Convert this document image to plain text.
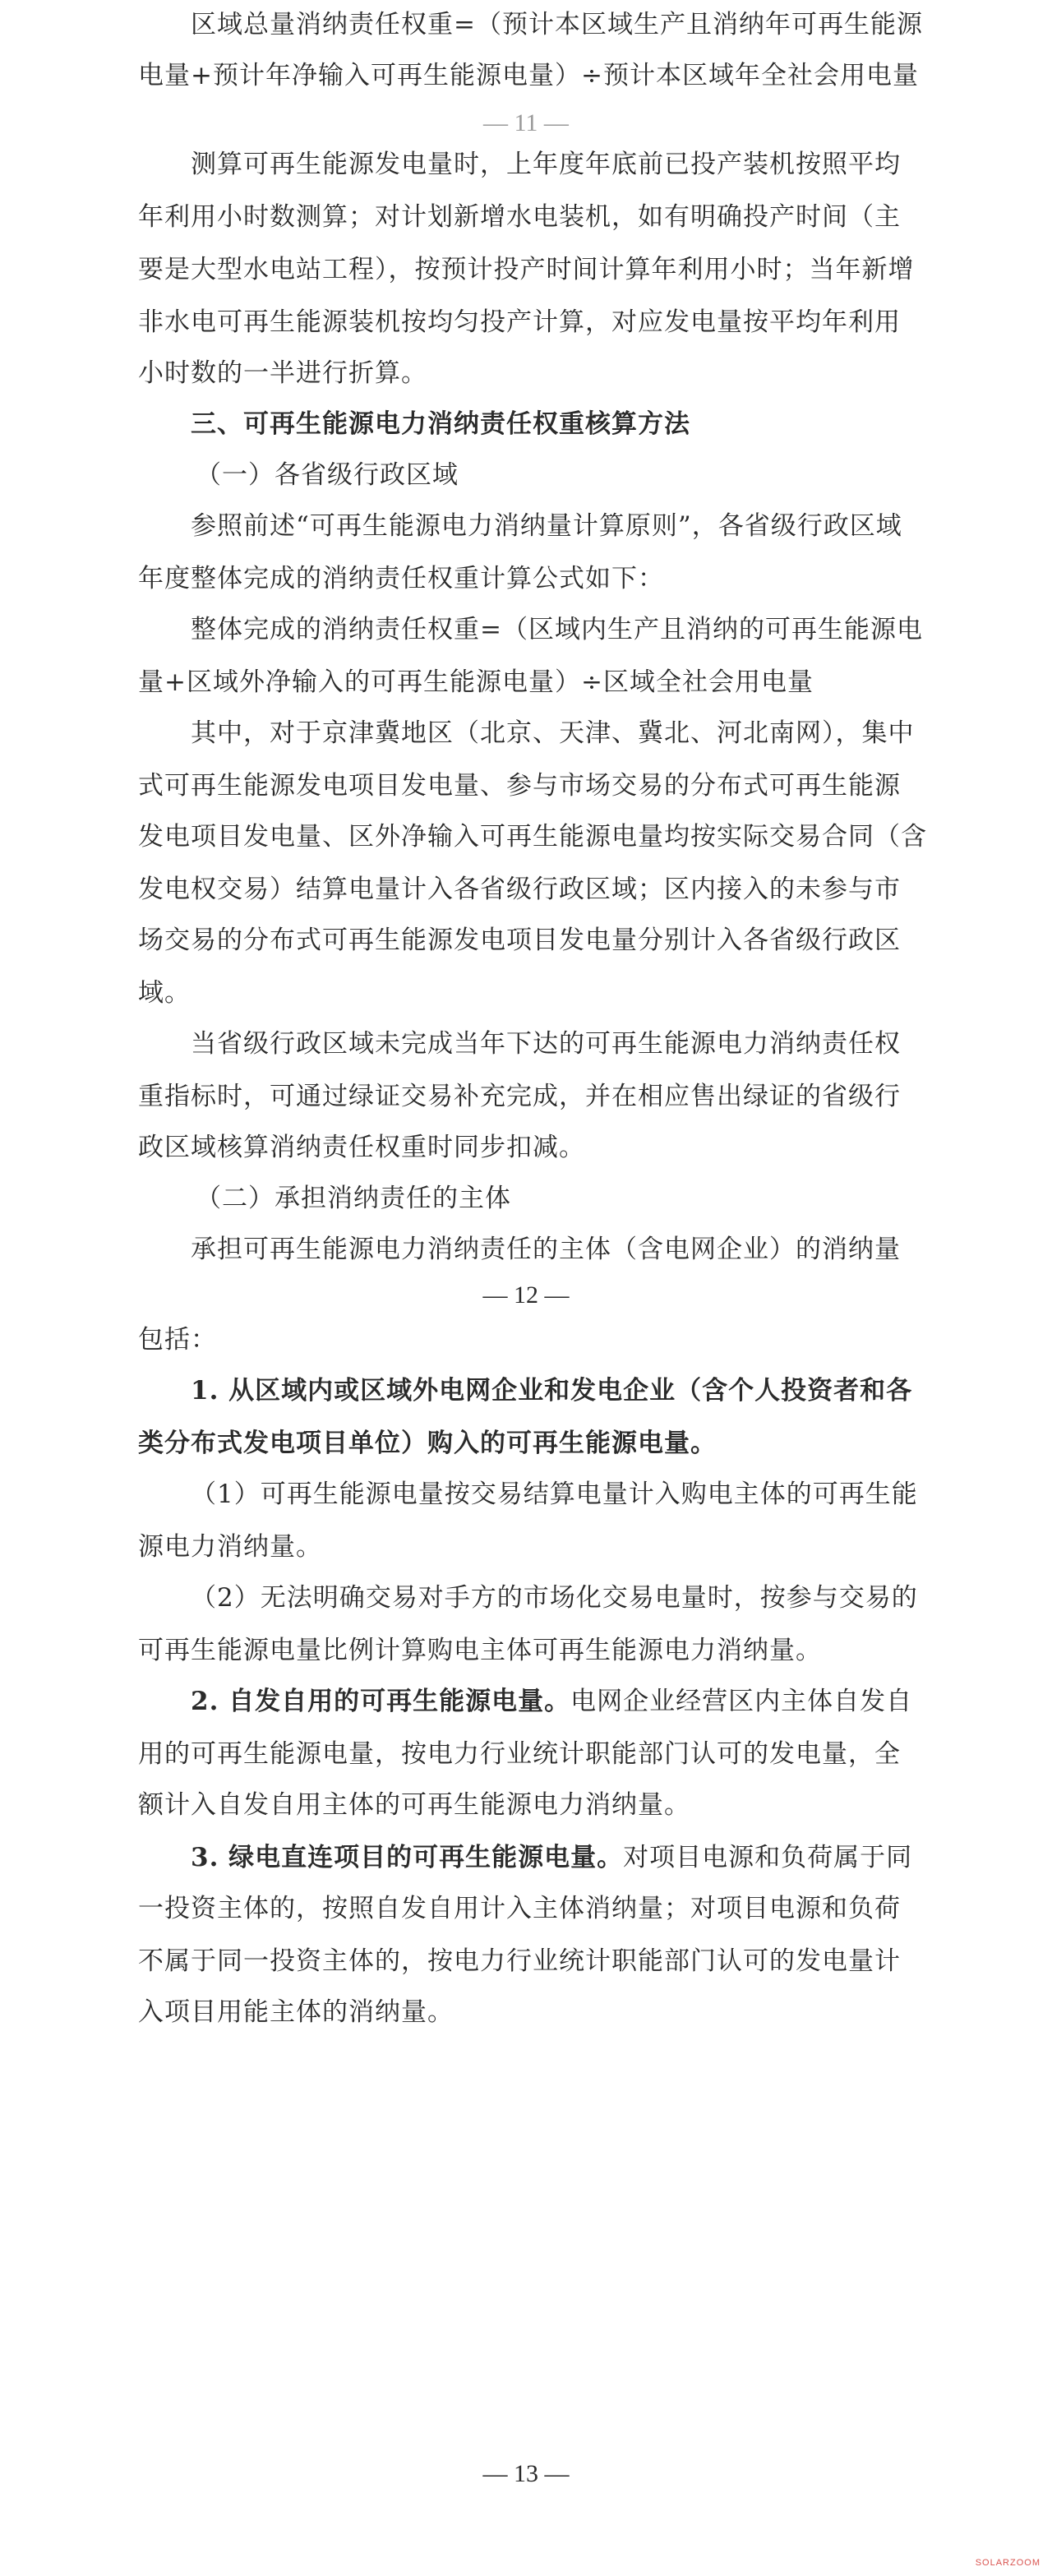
区域总量消纳责任权重=（预计本区域生产且消纳年可再生能源
电量+预计年净输入可再生能源电量）÷预计本区域年全社会用电量
— 11 —
测算可再生能源发电量时，上年度年底前已投产装机按照平均
年利用小时数测算；对计划新增水电装机，如有明确投产时间（主
要是大型水电站工程），按预计投产时间计算年利用小时；当年新增
非水电可再生能源装机按均匀投产计算，对应发电量按平均年利用
小时数的一半进行折算。
三、可再生能源电力消纳责任权重核算方法
（一）各省级行政区域
参照前述“可再生能源电力消纳量计算原则”，各省级行政区域
年度整体完成的消纳责任权重计算公式如下：
整体完成的消纳责任权重=（区域内生产且消纳的可再生能源电
量+区域外净输入的可再生能源电量）÷区域全社会用电量
其中，对于京津冀地区（北京、天津、冀北、河北南网），集中
式可再生能源发电项目发电量、参与市场交易的分布式可再生能源
发电项目发电量、区外净输入可再生能源电量均按实际交易合同（含
发电权交易）结算电量计入各省级行政区域；区内接入的未参与市
场交易的分布式可再生能源发电项目发电量分别计入各省级行政区
域。
当省级行政区域未完成当年下达的可再生能源电力消纳责任权
重指标时，可通过绿证交易补充完成，并在相应售出绿证的省级行
政区域核算消纳责任权重时同步扣减。
（二）承担消纳责任的主体
承担可再生能源电力消纳责任的主体（含电网企业）的消纳量
— 12 —
包括：
1. 从区域内或区域外电网企业和发电企业（含个人投资者和各
类分布式发电项目单位）购入的可再生能源电量。
（1）可再生能源电量按交易结算电量计入购电主体的可再生能
源电力消纳量。
（2）无法明确交易对手方的市场化交易电量时，按参与交易的
可再生能源电量比例计算购电主体可再生能源电力消纳量。
2. 自发自用的可再生能源电量。电网企业经营区内主体自发自
用的可再生能源电量，按电力行业统计职能部门认可的发电量，全
额计入自发自用主体的可再生能源电力消纳量。
3. 绿电直连项目的可再生能源电量。对项目电源和负荷属于同
一投资主体的，按照自发自用计入主体消纳量；对项目电源和负荷
不属于同一投资主体的，按电力行业统计职能部门认可的发电量计
入项目用能主体的消纳量。
— 13 —
SOLARZOOM
